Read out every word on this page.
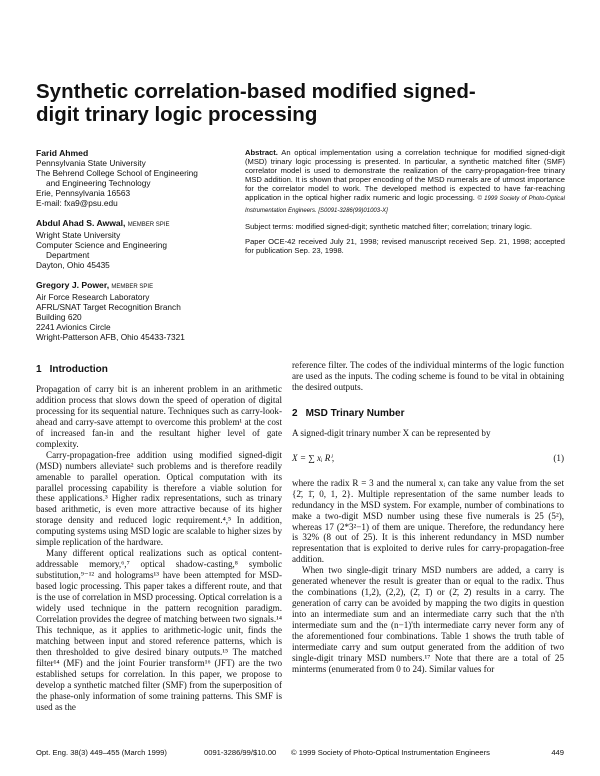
Synthetic correlation-based modified signed-digit trinary logic processing
Farid Ahmed
Pennsylvania State University
The Behrend College School of Engineering
and Engineering Technology
Erie, Pennsylvania 16563
E-mail: fxa9@psu.edu
Abdul Ahad S. Awwal, MEMBER SPIE
Wright State University
Computer Science and Engineering
Department
Dayton, Ohio 45435
Gregory J. Power, MEMBER SPIE
Air Force Research Laboratory
AFRL/SNAT Target Recognition Branch
Building 620
2241 Avionics Circle
Wright-Patterson AFB, Ohio 45433-7321

Abstract. An optical implementation using a correlation technique for modified signed-digit (MSD) trinary logic processing is presented. In particular, a synthetic matched filter (SMF) correlator model is used to demonstrate the realization of the carry-propagation-free trinary MSD addition. It is shown that proper encoding of the MSD numerals are of utmost importance for the correlator model to work. The developed method is expected to have far-reaching application in the optical higher radix numeric and logic processing. © 1999 Society of Photo-Optical Instrumentation Engineers. [S0091-3286(99)01003-X]

Subject terms: modified signed-digit; synthetic matched filter; correlation; trinary logic.

Paper OCE-42 received July 21, 1998; revised manuscript received Sep. 21, 1998; accepted for publication Sep. 23, 1998.

1 Introduction

Propagation of carry bit is an inherent problem in an arithmetic addition process that slows down the speed of operation of digital processing for its sequential nature. Techniques such as carry-look-ahead and carry-save attempt to overcome this problem¹ at the cost of increased fan-in and the resultant higher level of gate complexity.

Carry-propagation-free addition using modified signed-digit (MSD) numbers alleviate² such problems and is therefore readily amenable to parallel operation. Optical computation with its parallel processing capability is therefore a viable solution for these applications.³ Higher radix representations, such as trinary based arithmetic, is even more attractive because of its higher storage density and reduced logic requirement.⁴,⁵ In addition, computing systems using MSD logic are scalable to higher sizes by simple replication of the hardware.

Many different optical realizations such as optical content-addressable memory,⁶,⁷ optical shadow-casting,⁸ symbolic substitution,⁹⁻¹² and holograms¹³ have been attempted for MSD-based logic processing. This paper takes a different route, and that is the use of correlation in MSD processing. Optical correlation is a widely used technique in the pattern recognition paradigm. Correlation provides the degree of matching between two signals.¹⁴ This technique, as it applies to arithmetic-logic unit, finds the matching between input and stored reference patterns, which is then thresholded to give desired binary outputs.¹⁵ The matched filter¹⁴ (MF) and the joint Fourier transform¹⁶ (JFT) are the two established setups for correlation. In this paper, we propose to develop a synthetic matched filter (SMF) from the superposition of the phase-only information of some training patterns. This SMF is used as the

reference filter. The codes of the individual minterms of the logic function are used as the inputs. The coding scheme is found to be vital in obtaining the desired outputs.

2 MSD Trinary Number

A signed-digit trinary number X can be represented by

X = ∑ xᵢ Rⁱ,	(1)

where the radix R = 3 and the numeral xᵢ can take any value from the set {2̄, 1̄, 0, 1, 2}. Multiple representation of the same number leads to redundancy in the MSD system. For example, number of combinations to make a two-digit MSD number using these five numerals is 25 (5²), whereas 17 (2*3²−1) of them are unique. Therefore, the redundancy here is 32% (8 out of 25). It is this inherent redundancy in MSD number representation that is exploited to derive rules for carry-propagation-free addition.

When two single-digit trinary MSD numbers are added, a carry is generated whenever the result is greater than or equal to the radix. Thus the combinations (1,2), (2,2), (2̄, 1̄) or (2̄, 2̄) results in a carry. The generation of carry can be avoided by mapping the two digits in question into an intermediate sum and an intermediate carry such that the n'th intermediate sum and the (n−1)'th intermediate carry never form any of the aforementioned four combinations. Table 1 shows the truth table of intermediate carry and sum output generated from the addition of two single-digit trinary MSD numbers.¹⁷ Note that there are a total of 25 minterms (enumerated from 0 to 24). Similar values for

Opt. Eng. 38(3) 449–455 (March 1999)	0091-3286/99/$10.00 © 1999 Society of Photo-Optical Instrumentation Engineers	449
